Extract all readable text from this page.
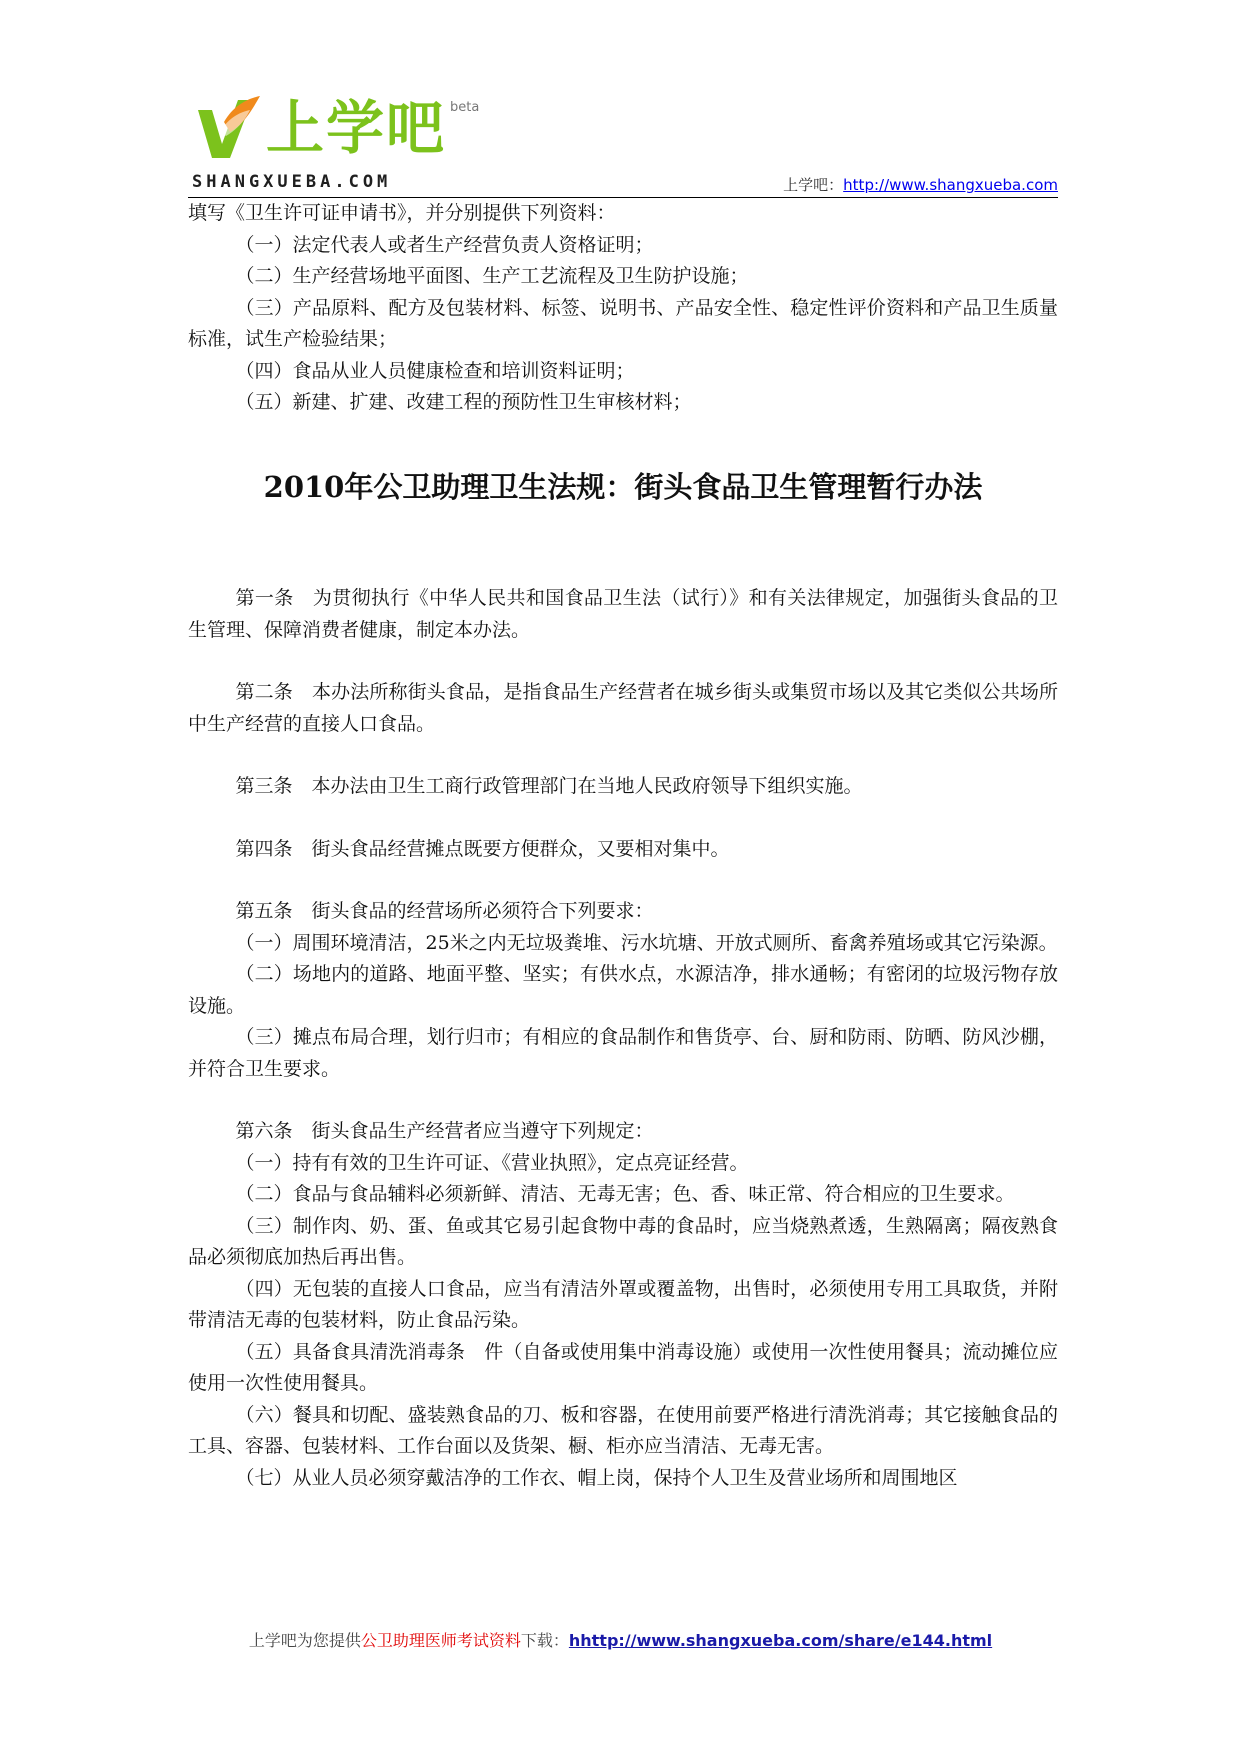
上学吧 beta
SHANGXUEBA.COM	上学吧：http://www.shangxueba.com

填写《卫生许可证申请书》，并分别提供下列资料：

（一）法定代表人或者生产经营负责人资格证明；

（二）生产经营场地平面图、生产工艺流程及卫生防护设施；

（三）产品原料、配方及包装材料、标签、说明书、产品安全性、稳定性评价资料和产品卫生质量标准，试生产检验结果；

（四）食品从业人员健康检查和培训资料证明；

（五）新建、扩建、改建工程的预防性卫生审核材料；

2010年公卫助理卫生法规：街头食品卫生管理暂行办法

第一条　为贯彻执行《中华人民共和国食品卫生法（试行）》和有关法律规定，加强街头食品的卫生管理、保障消费者健康，制定本办法。

第二条　本办法所称街头食品，是指食品生产经营者在城乡街头或集贸市场以及其它类似公共场所中生产经营的直接人口食品。

第三条　本办法由卫生工商行政管理部门在当地人民政府领导下组织实施。

第四条　街头食品经营摊点既要方便群众，又要相对集中。

第五条　街头食品的经营场所必须符合下列要求：

（一）周围环境清洁，25米之内无垃圾粪堆、污水坑塘、开放式厕所、畜禽养殖场或其它污染源。

（二）场地内的道路、地面平整、坚实；有供水点，水源洁净，排水通畅；有密闭的垃圾污物存放设施。

（三）摊点布局合理，划行归市；有相应的食品制作和售货亭、台、厨和防雨、防晒、防风沙棚，并符合卫生要求。

第六条　街头食品生产经营者应当遵守下列规定：

（一）持有有效的卫生许可证、《营业执照》，定点亮证经营。

（二）食品与食品辅料必须新鲜、清洁、无毒无害；色、香、味正常、符合相应的卫生要求。

（三）制作肉、奶、蛋、鱼或其它易引起食物中毒的食品时，应当烧熟煮透，生熟隔离；隔夜熟食品必须彻底加热后再出售。

（四）无包装的直接人口食品，应当有清洁外罩或覆盖物，出售时，必须使用专用工具取货，并附带清洁无毒的包装材料，防止食品污染。

（五）具备食具清洗消毒条　件（自备或使用集中消毒设施）或使用一次性使用餐具；流动摊位应使用一次性使用餐具。

（六）餐具和切配、盛装熟食品的刀、板和容器，在使用前要严格进行清洗消毒；其它接触食品的工具、容器、包装材料、工作台面以及货架、橱、柜亦应当清洁、无毒无害。

（七）从业人员必须穿戴洁净的工作衣、帽上岗，保持个人卫生及营业场所和周围地区

上学吧为您提供公卫助理医师考试资料下载：hhttp://www.shangxueba.com/share/e144.html
